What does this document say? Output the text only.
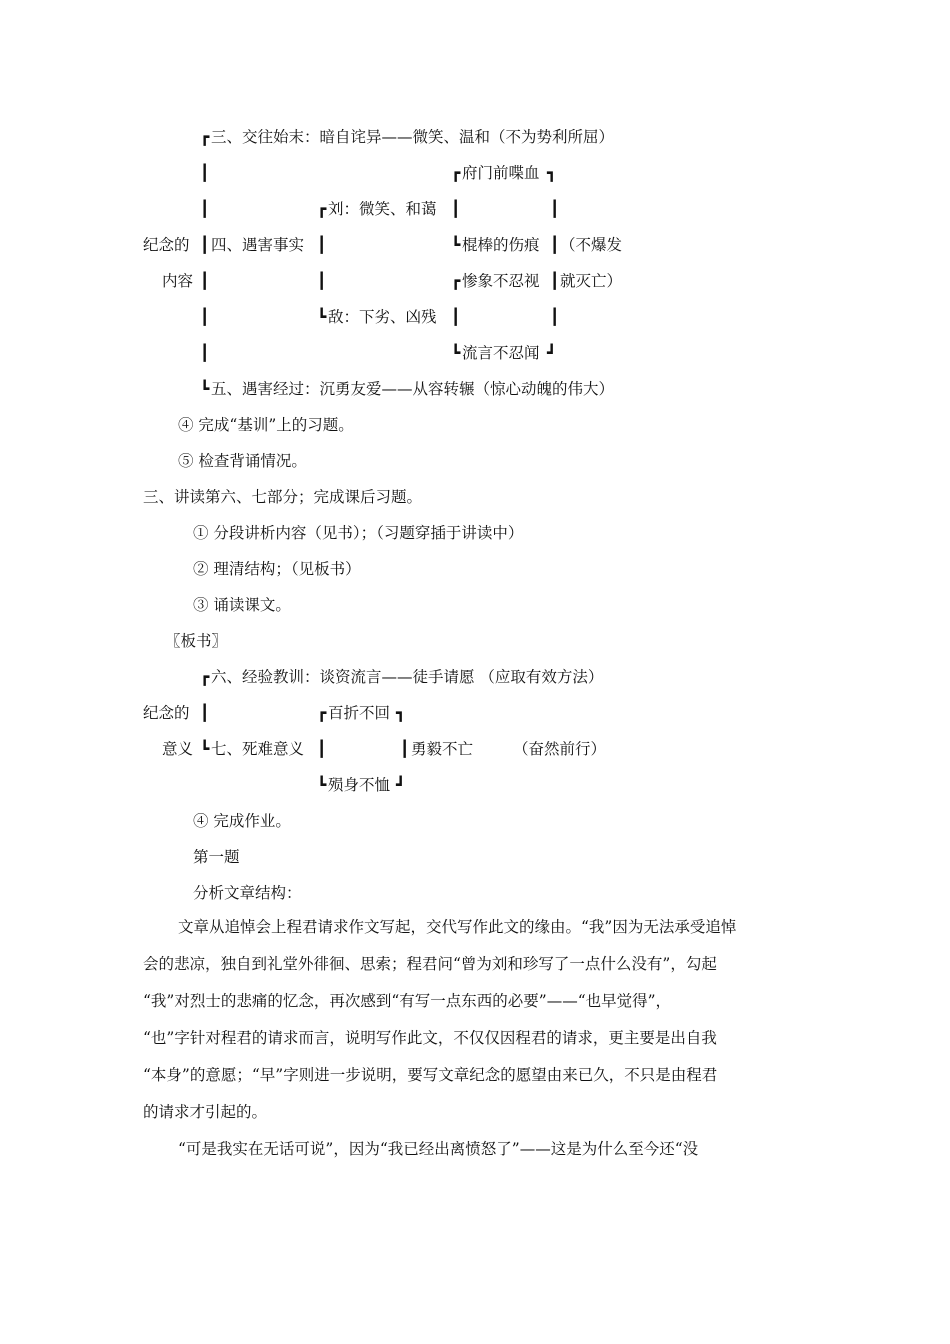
┏ 三、交往始末：暗自诧异——微笑、温和（不为势利所屈）
┃	┏ 府门前喋血 ┓
┃	┏ 刘：微笑、和蔼 ┃	┃
纪念的 ┃ 四、遇害事实 ┃	┗ 棍棒的伤痕 ┃ （不爆发
内容 ┃	┃	┏ 惨象不忍视 ┃ 就灭亡）
┃	┗ 敌：下劣、凶残 ┃	┃
┃	┗ 流言不忍闻 ┛
┗ 五、遇害经过：沉勇友爱——从容转辗（惊心动魄的伟大）
④ 完成“基训”上的习题。
⑤ 检查背诵情况。
三、讲读第六、七部分；完成课后习题。
① 分段讲析内容（见书）；（习题穿插于讲读中）
② 理清结构；（见板书）
③ 诵读课文。
〖板书〗
┏ 六、经验教训：谈资流言——徒手请愿 （应取有效方法）
纪念的 ┃	┏ 百折不回 ┓
意义 ┗ 七、死难意义 ┃	┃ 勇毅不亡	（奋然前行）
┗ 殒身不恤 ┛
④ 完成作业。
第一题
分析文章结构：
文章从追悼会上程君请求作文写起，交代写作此文的缘由。“我”因为无法承受追悼
会的悲凉，独自到礼堂外徘徊、思索；程君问“曾为刘和珍写了一点什么没有”，勾起
“我”对烈士的悲痛的忆念，再次感到“有写一点东西的必要”——“也早觉得”，
“也”字针对程君的请求而言，说明写作此文，不仅仅因程君的请求，更主要是出自我
“本身”的意愿；“早”字则进一步说明，要写文章纪念的愿望由来已久，不只是由程君
的请求才引起的。
“可是我实在无话可说”，因为“我已经出离愤怒了”——这是为什么至今还“没
